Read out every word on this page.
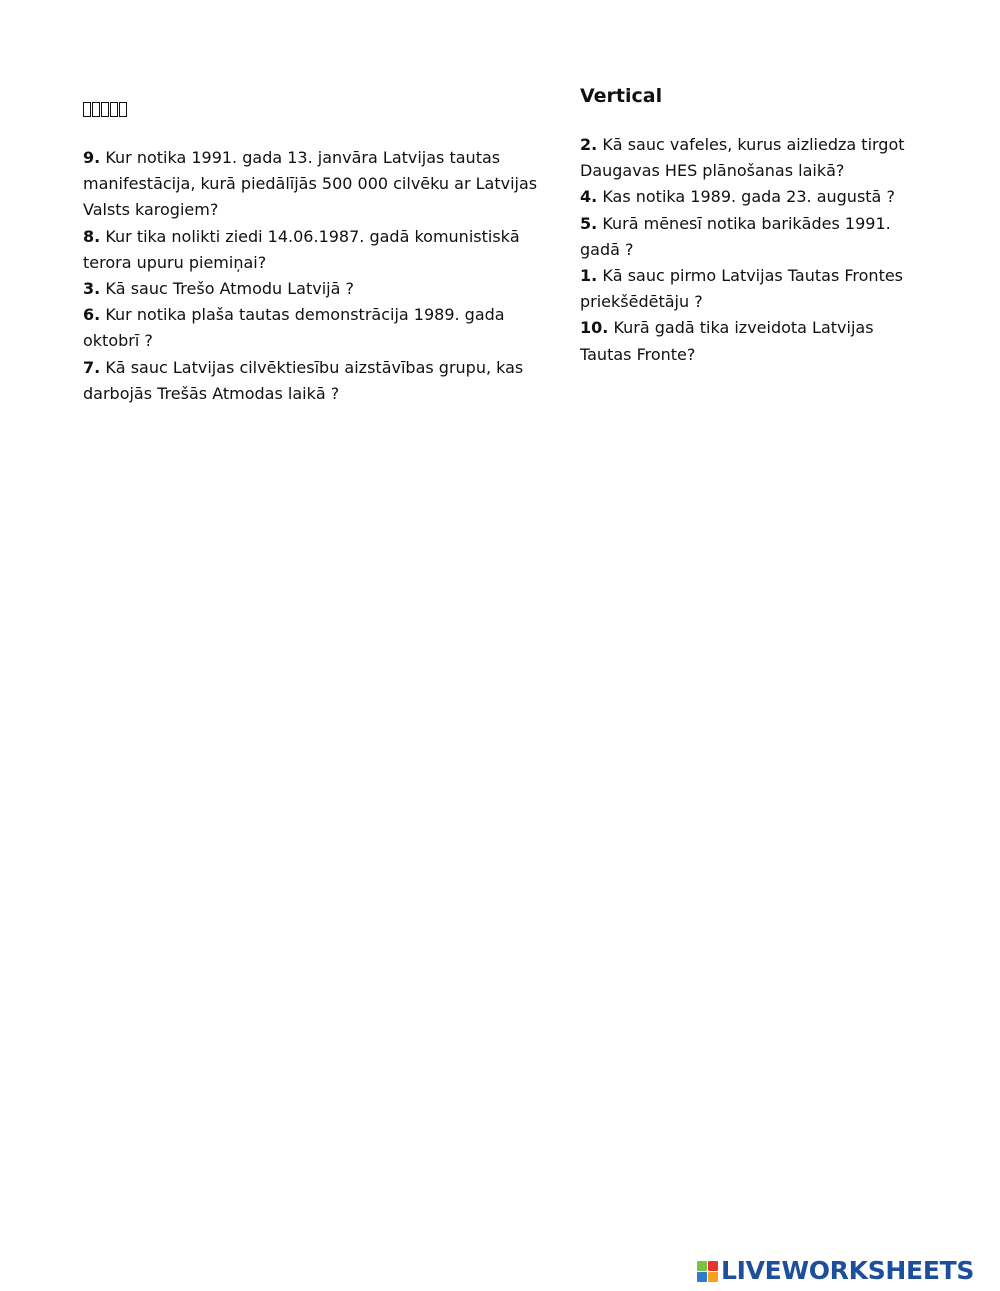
9. Kur notika 1991. gada 13. janvāra Latvijas tautas manifestācija, kurā piedālījās 500 000 cilvēku ar Latvijas Valsts karogiem?
8. Kur tika nolikti ziedi 14.06.1987. gadā komunistiskā terora upuru piemiņai?
3. Kā sauc Trešo Atmodu Latvijā ?
6. Kur notika plaša tautas demonstrācija 1989. gada oktobrī ?
7. Kā sauc Latvijas cilvēktiesību aizstāvības grupu, kas darbojās Trešās Atmodas laikā ?
Vertical
2. Kā sauc vafeles, kurus aizliedza tirgot Daugavas HES plānošanas laikā?
4. Kas notika 1989. gada 23. augustā ?
5. Kurā mēnesī notika barikādes 1991. gadā ?
1. Kā sauc pirmo Latvijas Tautas Frontes priekšēdētāju ?
10. Kurā gadā tika izveidota Latvijas Tautas Fronte?
LIVEWORKSHEETS
